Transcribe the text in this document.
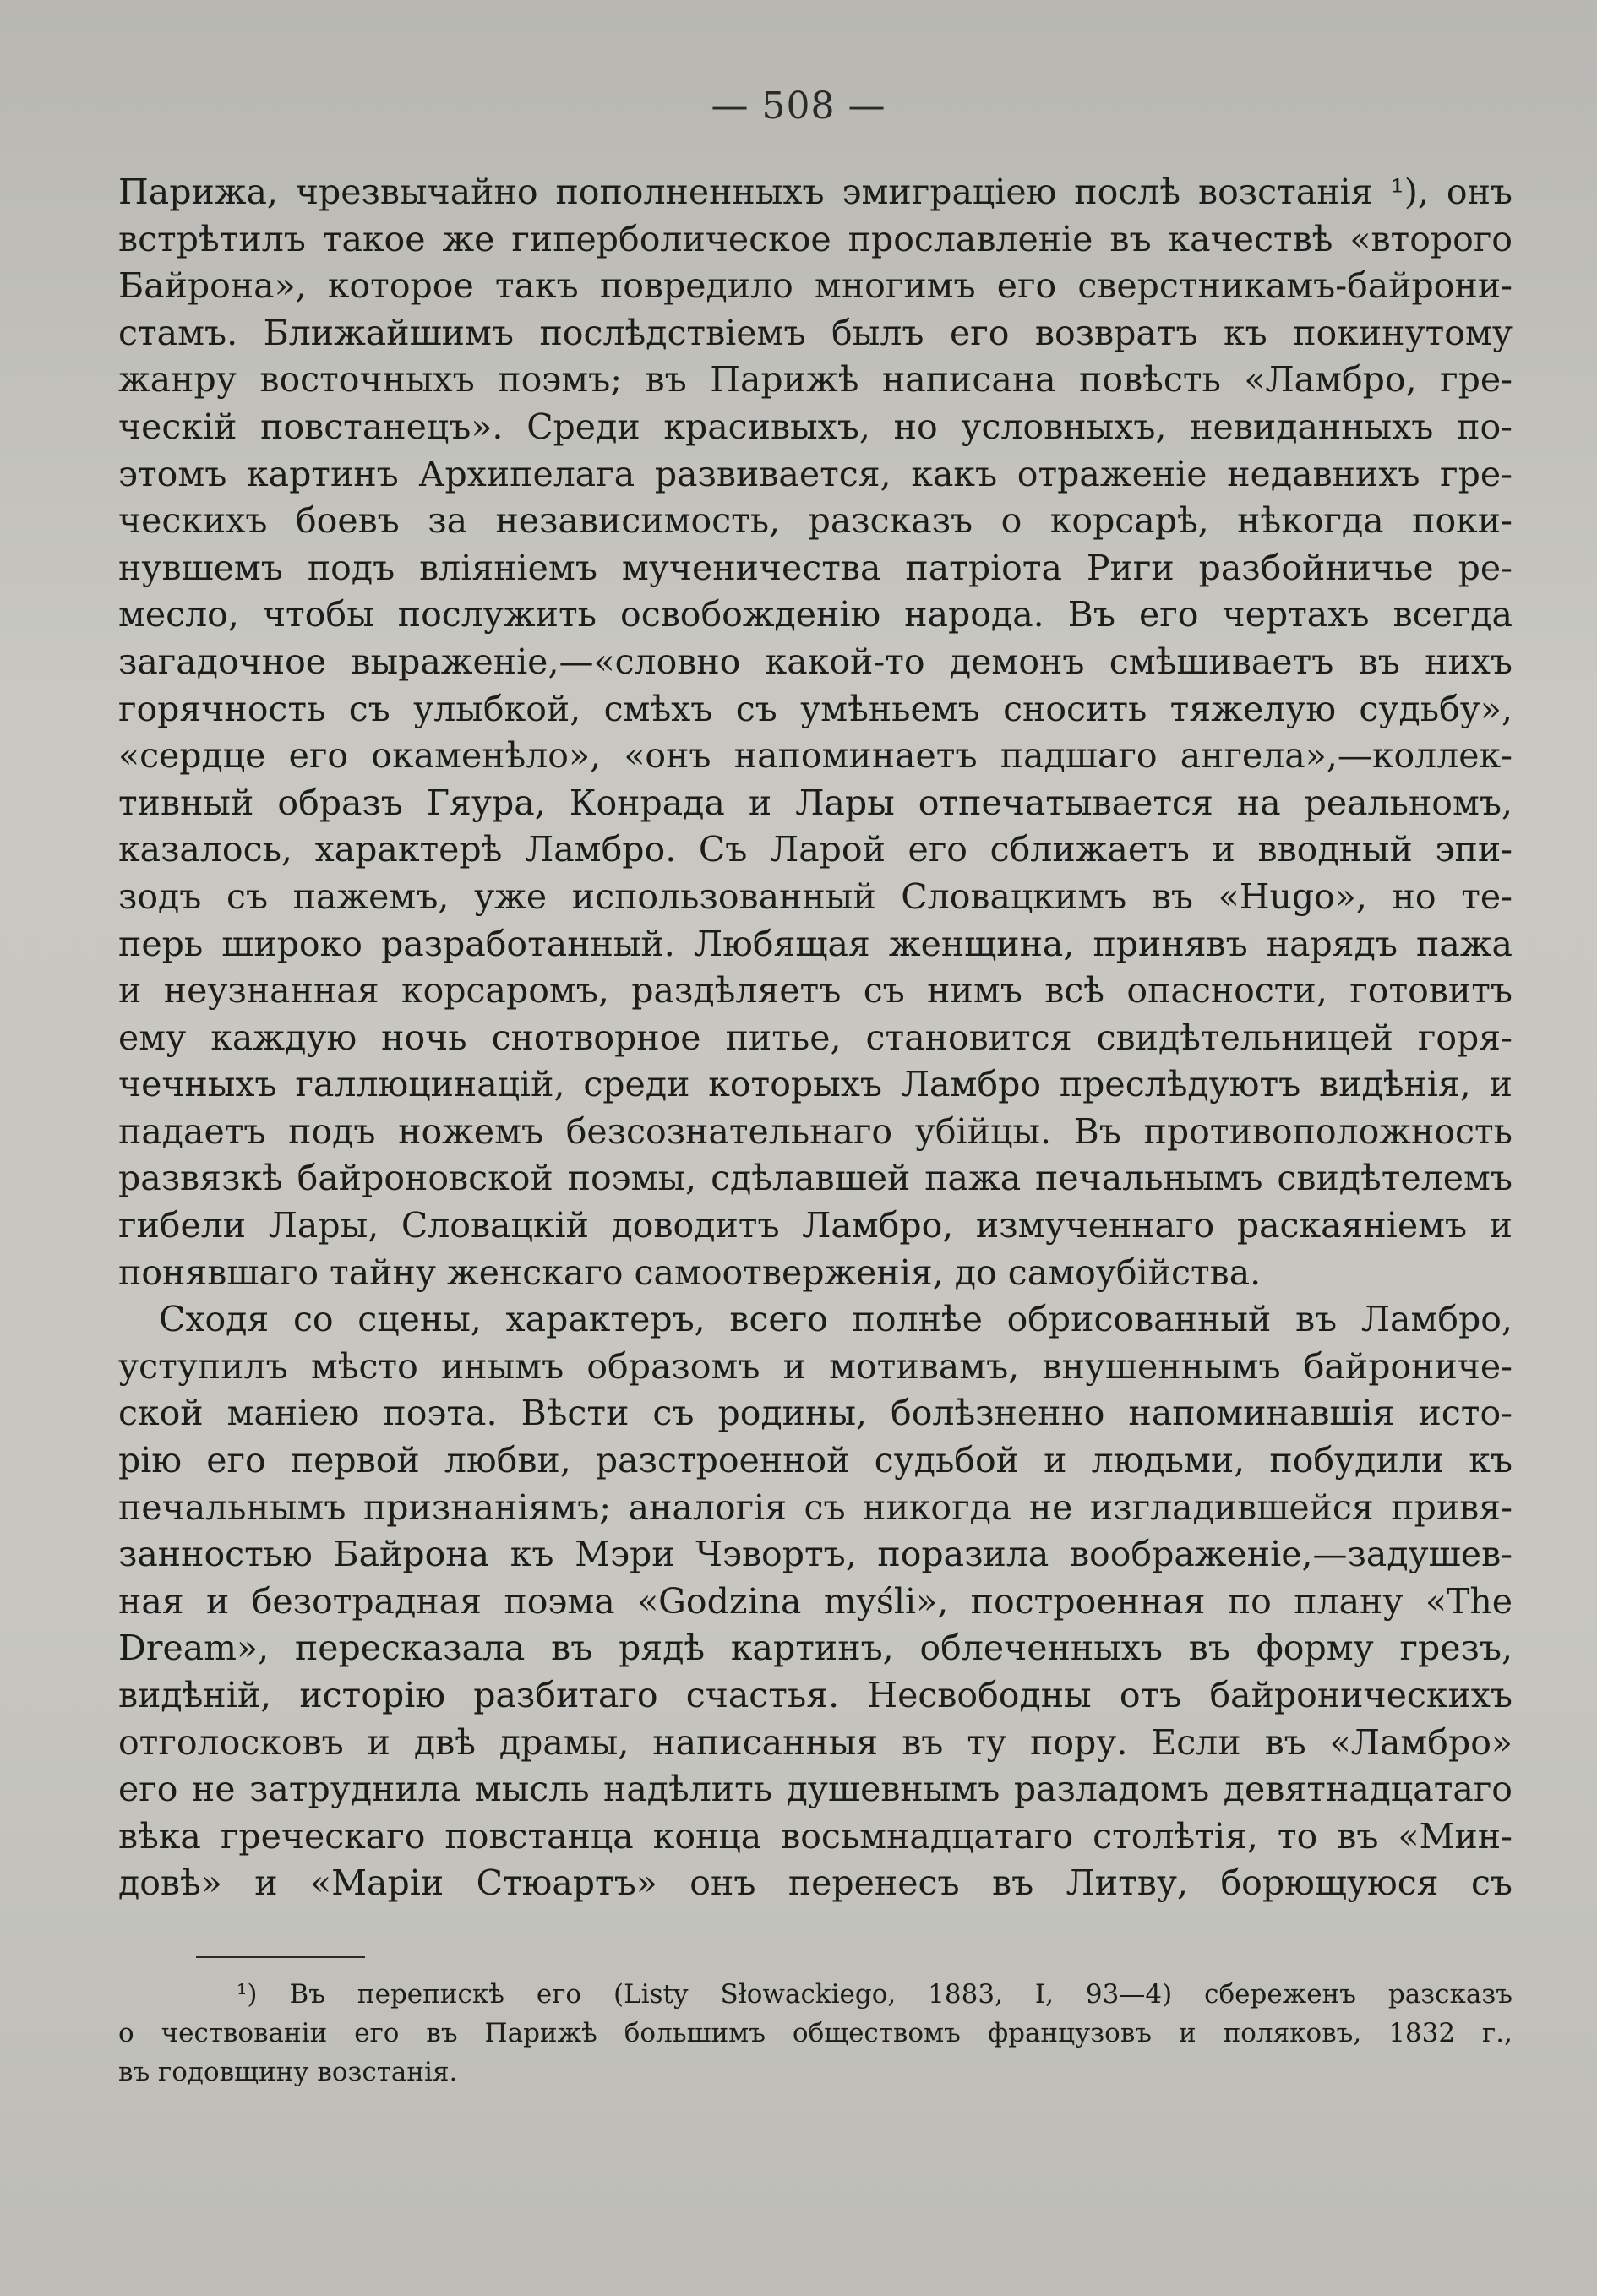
— 508 —
Парижа, чрезвычайно пополненныхъ эмиграцiею послѣ возстанiя ¹), онъ
встрѣтилъ такое же гиперболическое прославленiе въ качествѣ «второго
Байрона», которое такъ повредило многимъ его сверстникамъ-байрони-
стамъ. Ближайшимъ послѣдствiемъ былъ его возвратъ къ покинутому
жанру восточныхъ поэмъ; въ Парижѣ написана повѣсть «Ламбро, гре-
ческiй повстанецъ». Среди красивыхъ, но условныхъ, невиданныхъ по-
этомъ картинъ Архипелага развивается, какъ отраженiе недавнихъ гре-
ческихъ боевъ за независимость, разсказъ о корсарѣ, нѣкогда поки-
нувшемъ подъ влiянiемъ мученичества патрiота Риги разбойничье ре-
месло, чтобы послужить освобожденiю народа. Въ его чертахъ всегда
загадочное выраженiе,—«словно какой-то демонъ смѣшиваетъ въ нихъ
горячность съ улыбкой, смѣхъ съ умѣньемъ сносить тяжелую судьбу»,
«сердце его окаменѣло», «онъ напоминаетъ падшаго ангела»,—коллек-
тивный образъ Гяура, Конрада и Лары отпечатывается на реальномъ,
казалось, характерѣ Ламбро. Съ Ларой его сближаетъ и вводный эпи-
зодъ съ пажемъ, уже использованный Словацкимъ въ «Hugo», но те-
перь широко разработанный. Любящая женщина, принявъ нарядъ пажа
и неузнанная корсаромъ, раздѣляетъ съ нимъ всѣ опасности, готовитъ
ему каждую ночь снотворное питье, становится свидѣтельницей горя-
чечныхъ галлюцинацiй, среди которыхъ Ламбро преслѣдуютъ видѣнiя, и
падаетъ подъ ножемъ безсознательнаго убiйцы. Въ противоположность
развязкѣ байроновской поэмы, сдѣлавшей пажа печальнымъ свидѣтелемъ
гибели Лары, Словацкiй доводитъ Ламбро, измученнаго раскаянiемъ и
понявшаго тайну женскаго самоотверженiя, до самоубiйства.
Сходя со сцены, характеръ, всего полнѣе обрисованный въ Ламбро,
уступилъ мѣсто инымъ образомъ и мотивамъ, внушеннымъ байрониче-
ской манiею поэта. Вѣсти съ родины, болѣзненно напоминавшiя исто-
рiю его первой любви, разстроенной судьбой и людьми, побудили къ
печальнымъ признанiямъ; аналогiя съ никогда не изгладившейся привя-
занностью Байрона къ Мэри Чэвортъ, поразила воображенiе,—задушев-
ная и безотрадная поэма «Godzina myśli», построенная по плану «The
Dream», пересказала въ рядѣ картинъ, облеченныхъ въ форму грезъ,
видѣнiй, исторiю разбитаго счастья. Несвободны отъ байроническихъ
отголосковъ и двѣ драмы, написанныя въ ту пору. Если въ «Ламбро»
его не затруднила мысль надѣлить душевнымъ разладомъ девятнадцатаго
вѣка греческаго повстанца конца восьмнадцатаго столѣтiя, то въ «Мин-
довѣ» и «Марiи Стюартъ» онъ перенесъ въ Литву, борющуюся съ
¹) Въ перепискѣ его (Listy Słowackiego, 1883, I, 93—4) сбереженъ разсказъ
о чествованiи его въ Парижѣ большимъ обществомъ французовъ и поляковъ, 1832 г.,
въ годовщину возстанiя.
